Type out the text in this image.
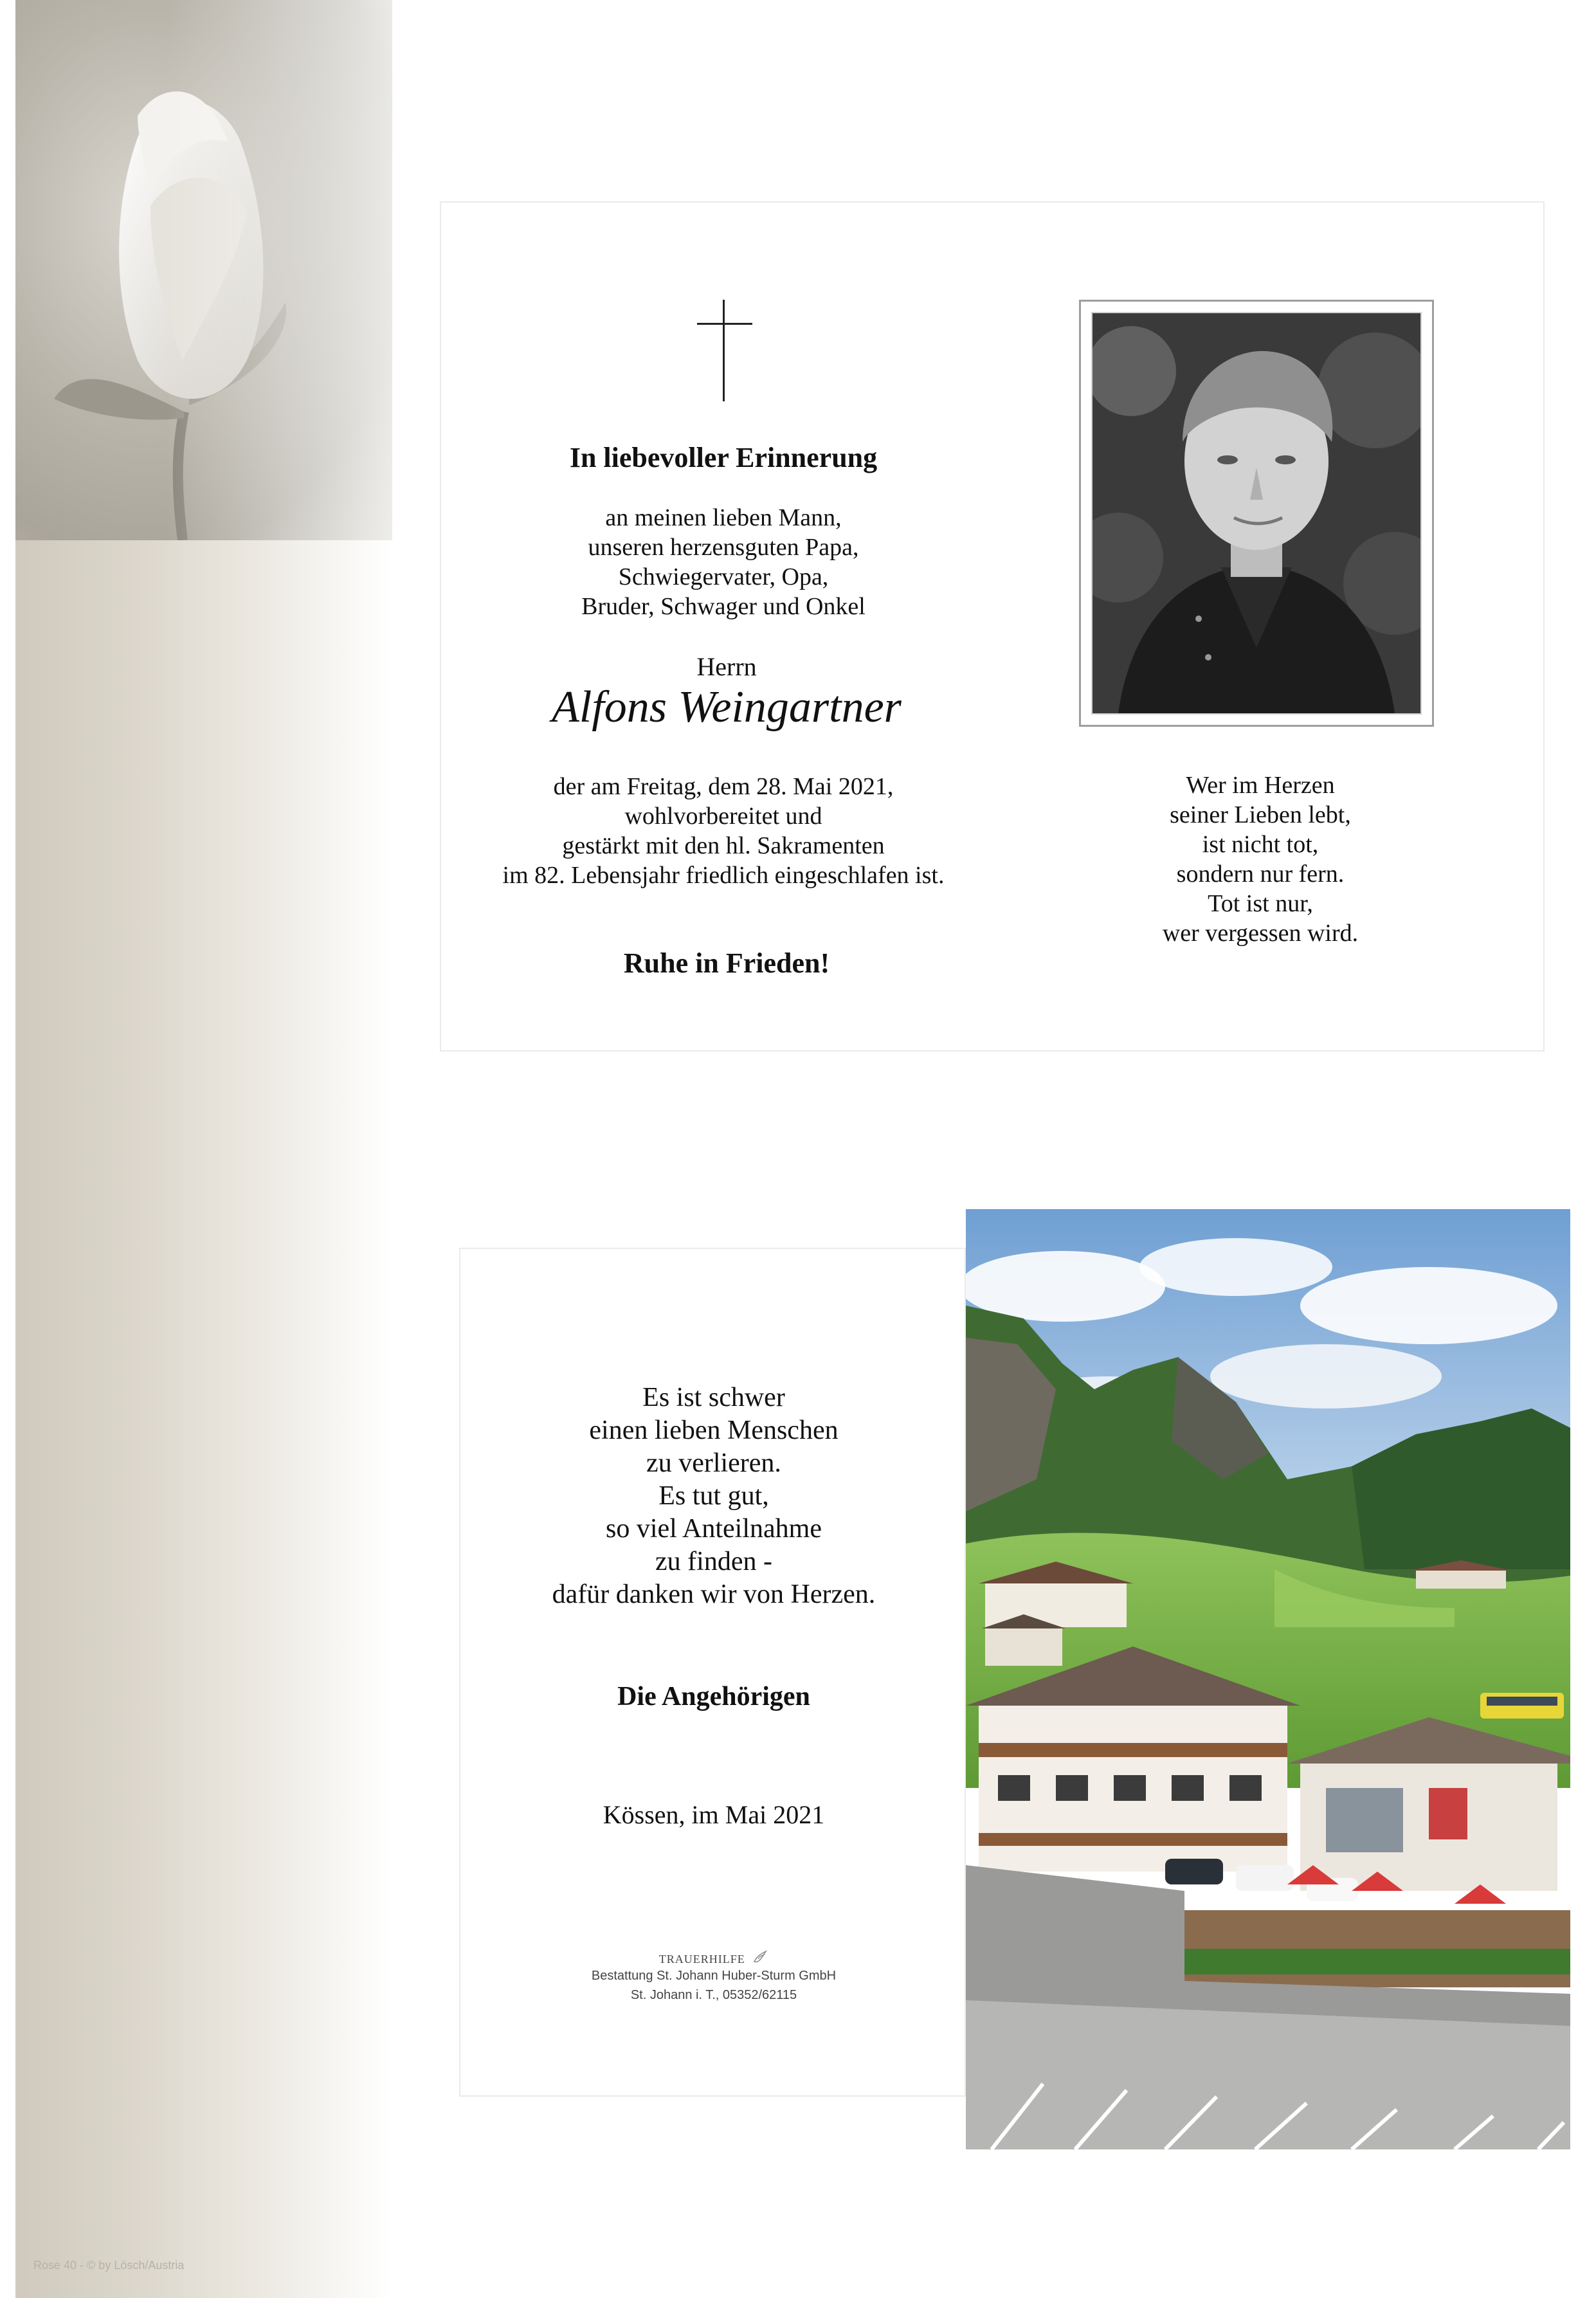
Rose 40 - © by Lösch/Austria
In liebevoller Erinnerung
an meinen lieben Mann,
unseren herzensguten Papa,
Schwiegervater, Opa,
Bruder, Schwager und Onkel
Herrn
Alfons Weingartner
der am Freitag, dem 28. Mai 2021,
wohlvorbereitet und
gestärkt mit den hl. Sakramenten
im 82. Lebensjahr friedlich eingeschlafen ist.
Ruhe in Frieden!
Wer im Herzen
seiner Lieben lebt,
ist nicht tot,
sondern nur fern.
Tot ist nur,
wer vergessen wird.
Es ist schwer
einen lieben Menschen
zu verlieren.
Es tut gut,
so viel Anteilnahme
zu finden -
dafür danken wir von Herzen.
Die Angehörigen
Kössen, im Mai 2021
TRAUERHILFE
Bestattung St. Johann Huber-Sturm GmbH
St. Johann i. T., 05352/62115
